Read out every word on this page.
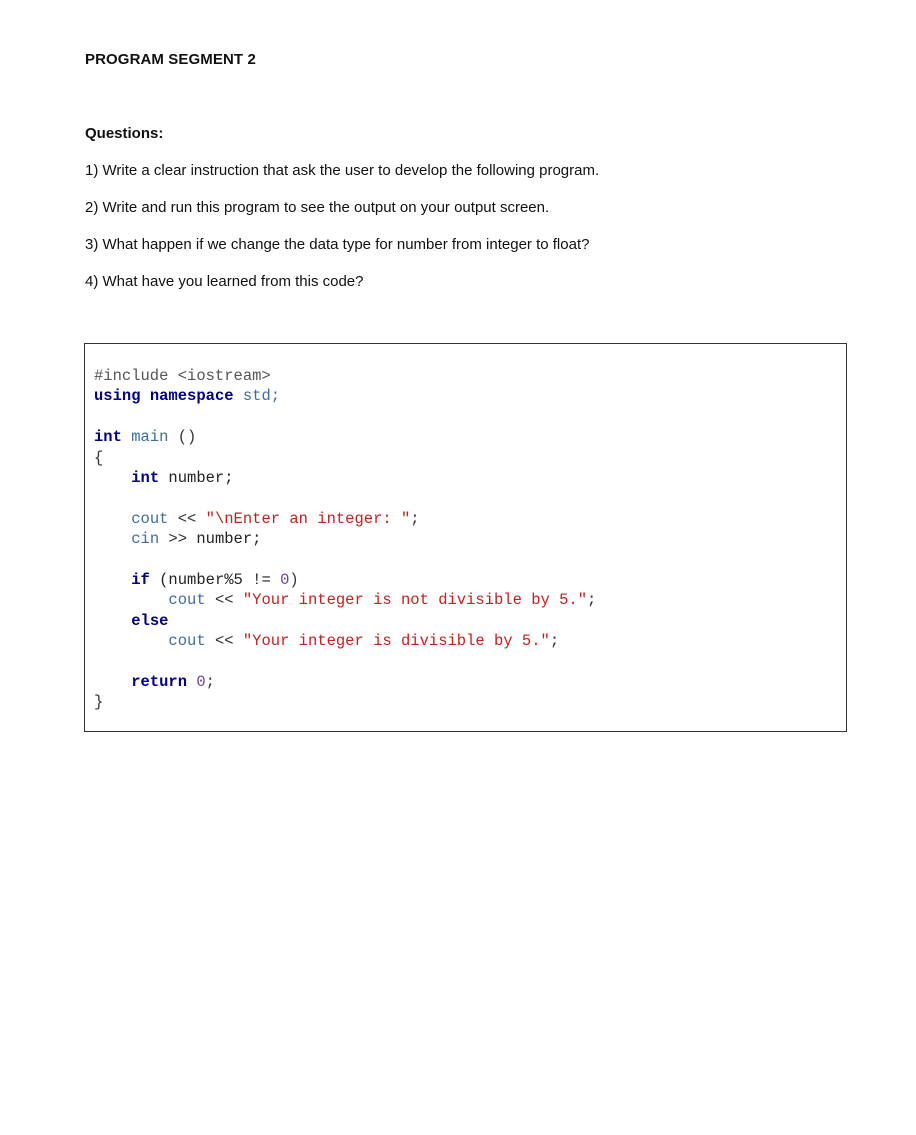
PROGRAM SEGMENT 2
Questions:
1) Write a clear instruction that ask the user to develop the following program.
2) Write and run this program to see the output on your output screen.
3) What happen if we change the data type for number from integer to float?
4) What have you learned from this code?
#include <iostream>
using namespace std;

int main ()
{
int number;

cout << "\nEnter an integer: ";
cin >> number;

if (number%5 != 0)
cout << "Your integer is not divisible by 5.";
else
cout << "Your integer is divisible by 5.";

return 0;
}
